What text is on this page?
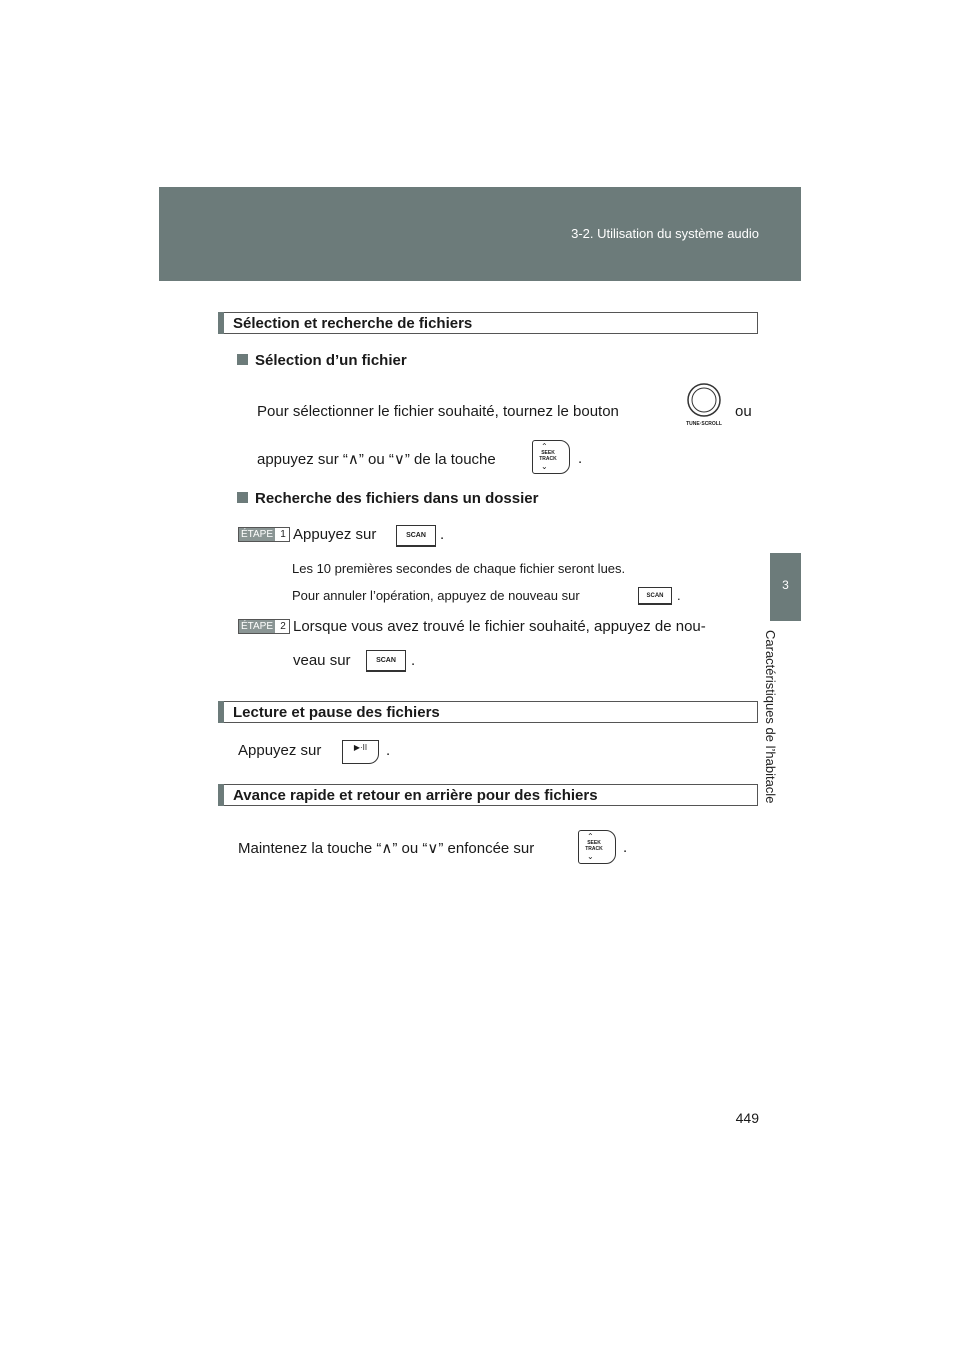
3-2. Utilisation du système audio
3
Caractéristiques de l’habitacle
Sélection et recherche de fichiers
Sélection d’un fichier
Pour sélectionner le fichier souhaité, tournez le bouton
TUNE·SCROLL
ou
appuyez sur “∧” ou “∨” de la touche
⌃
SEEK
TRACK
⌄ .
Recherche des fichiers dans un dossier
ÉTAPE 1 Appuyez sur	SCAN .
Les 10 premières secondes de chaque fichier seront lues.
Pour annuler l’opération, appuyez de nouveau sur	SCAN	.
ÉTAPE 2 Lorsque vous avez trouvé le fichier souhaité, appuyez de nou-
veau sur	SCAN	.
Lecture et pause des fichiers
Appuyez sur	▶·II	.
Avance rapide et retour en arrière pour des fichiers
Maintenez la touche “∧” ou “∨” enfoncée sur
⌃
SEEK
TRACK
⌄
.
449
